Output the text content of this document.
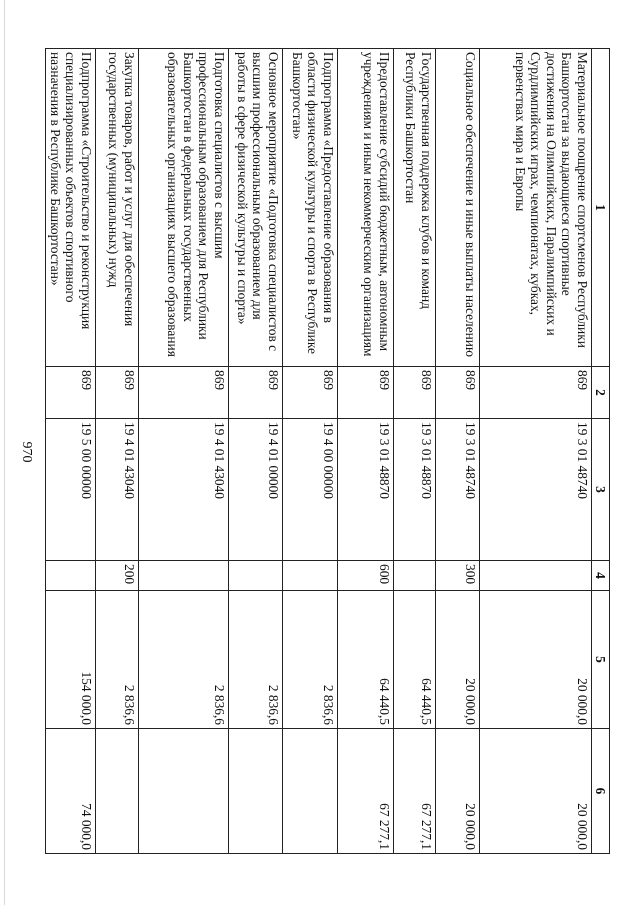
970
1	2	3	4	5	6
Материальное поощрение спортсменов Республики Башкортостан за выдающиеся спортивные достижения на Олимпийских, Паралимпийских и Сурдлимпийских играх, чемпионатах, кубках, первенствах мира и Европы	869	19 3 01 48740		20 000,0	20 000,0
Социальное обеспечение и иные выплаты населению	869	19 3 01 48740	300	20 000,0	20 000,0
Государственная поддержка клубов и команд Республики Башкортостан	869	19 3 01 48870		64 440,5	67 277,1
Предоставление субсидий бюджетным, автономным учреждениям и иным некоммерческим организациям	869	19 3 01 48870	600	64 440,5	67 277,1
Подпрограмма «Предоставление образования в области физической культуры и спорта в Республике Башкортостан»	869	19 4 00 00000		2 836,6	
Основное мероприятие «Подготовка специалистов с высшим профессиональным образованием для работы в сфере физической культуры и спорта»	869	19 4 01 00000		2 836,6	
Подготовка специалистов с высшим профессиональным образованием для Республики Башкортостан в федеральных государственных образовательных организациях высшего образования	869	19 4 01 43040		2 836,6	
Закупка товаров, работ и услуг для обеспечения государственных (муниципальных) нужд	869	19 4 01 43040	200	2 836,6	
Подпрограмма «Строительство и реконструкция специализированных объектов спортивного назначения в Республике Башкортостан»	869	19 5 00 00000		154 000,0	74 000,0
